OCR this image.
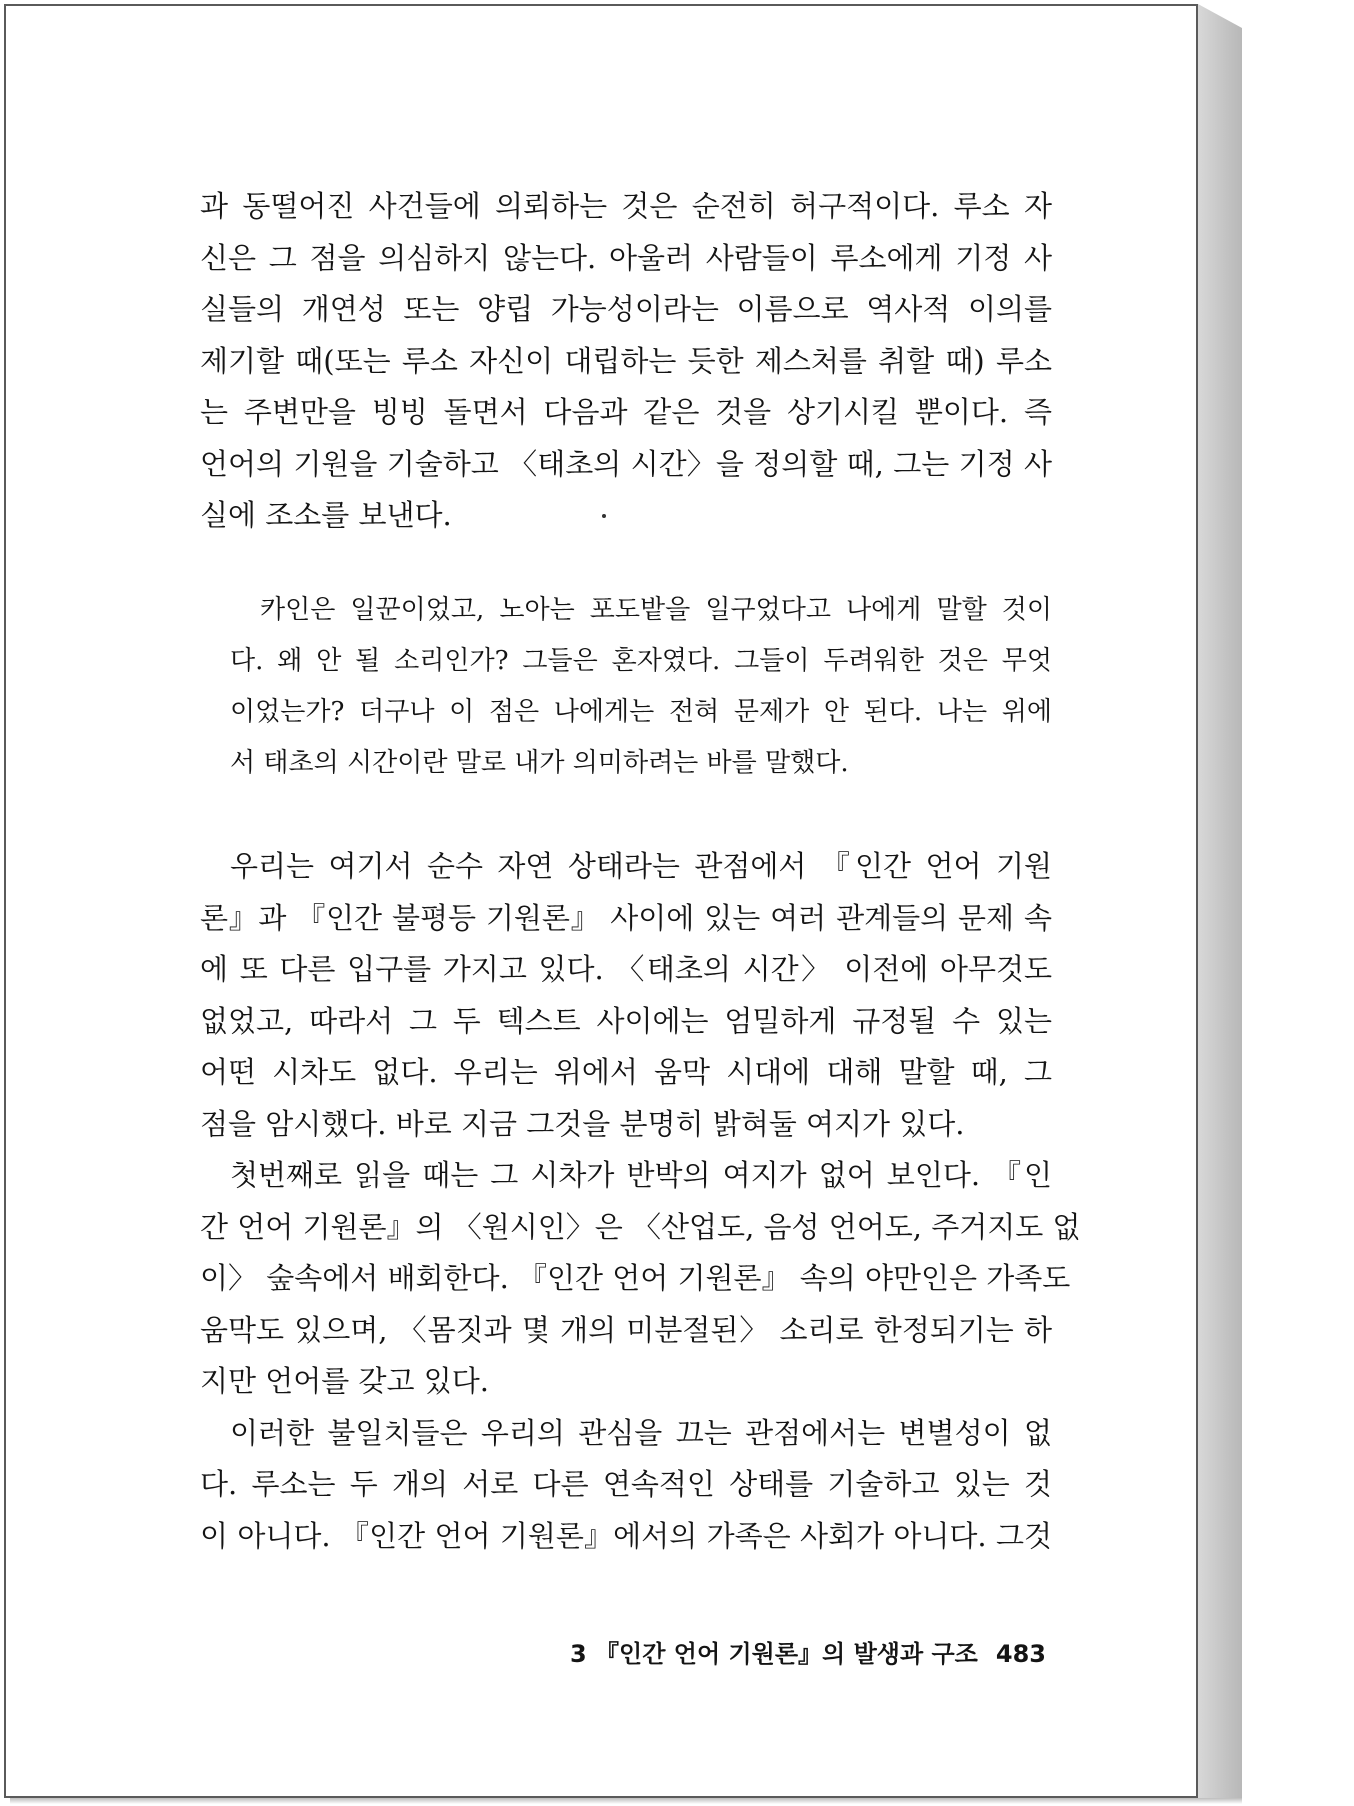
과 동떨어진 사건들에 의뢰하는 것은 순전히 허구적이다. 루소 자
신은 그 점을 의심하지 않는다. 아울러 사람들이 루소에게 기정 사
실들의 개연성 또는 양립 가능성이라는 이름으로 역사적 이의를
제기할 때(또는 루소 자신이 대립하는 듯한 제스처를 취할 때) 루소
는 주변만을 빙빙 돌면서 다음과 같은 것을 상기시킬 뿐이다. 즉
언어의 기원을 기술하고 〈태초의 시간〉을 정의할 때, 그는 기정 사
실에 조소를 보낸다.
카인은 일꾼이었고, 노아는 포도밭을 일구었다고 나에게 말할 것이
다. 왜 안 될 소리인가? 그들은 혼자였다. 그들이 두려워한 것은 무엇
이었는가? 더구나 이 점은 나에게는 전혀 문제가 안 된다. 나는 위에
서 태초의 시간이란 말로 내가 의미하려는 바를 말했다.
우리는 여기서 순수 자연 상태라는 관점에서 『인간 언어 기원
론』과 『인간 불평등 기원론』 사이에 있는 여러 관계들의 문제 속
에 또 다른 입구를 가지고 있다. 〈태초의 시간〉 이전에 아무것도
없었고, 따라서 그 두 텍스트 사이에는 엄밀하게 규정될 수 있는
어떤 시차도 없다. 우리는 위에서 움막 시대에 대해 말할 때, 그
점을 암시했다. 바로 지금 그것을 분명히 밝혀둘 여지가 있다.
첫번째로 읽을 때는 그 시차가 반박의 여지가 없어 보인다. 『인
간 언어 기원론』의 〈원시인〉은 〈산업도, 음성 언어도, 주거지도 없
이〉 숲속에서 배회한다. 『인간 언어 기원론』 속의 야만인은 가족도
움막도 있으며, 〈몸짓과 몇 개의 미분절된〉 소리로 한정되기는 하
지만 언어를 갖고 있다.
이러한 불일치들은 우리의 관심을 끄는 관점에서는 변별성이 없
다. 루소는 두 개의 서로 다른 연속적인 상태를 기술하고 있는 것
이 아니다. 『인간 언어 기원론』에서의 가족은 사회가 아니다. 그것
3 『인간 언어 기원론』의 발생과 구조 483
